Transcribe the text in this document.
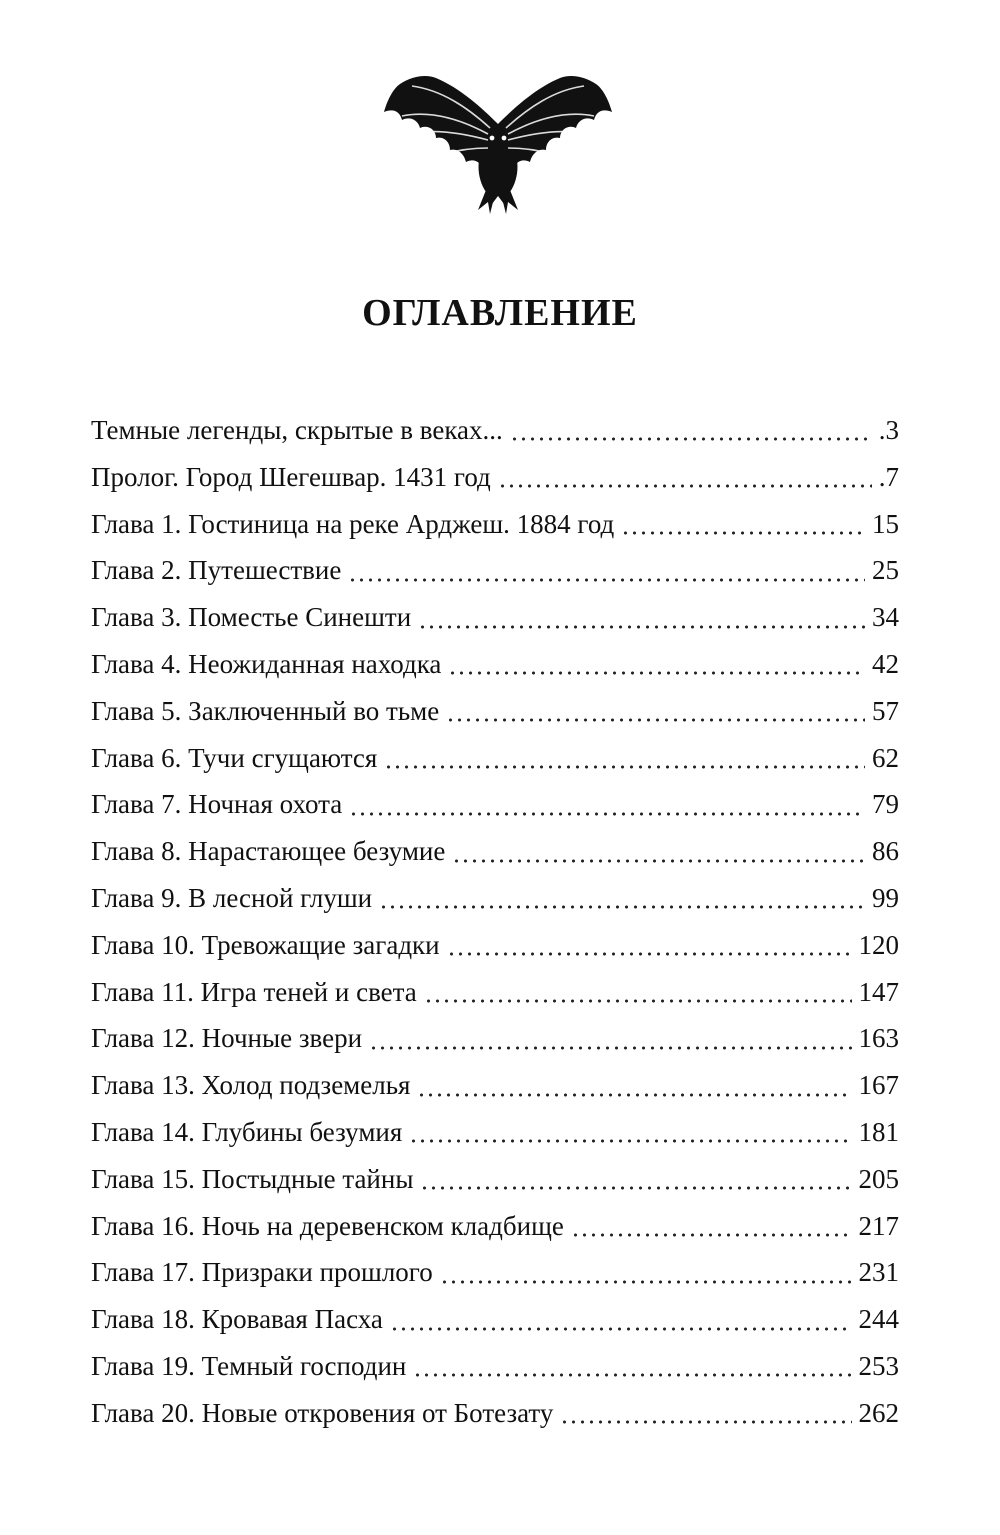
ОГЛАВЛЕНИЕ
Темные легенды, скрытые в веках...	.3
Пролог. Город Шегешвар. 1431 год	.7
Глава 1. Гостиница на реке Арджеш. 1884 год	15
Глава 2. Путешествие	25
Глава 3. Поместье Синешти	34
Глава 4. Неожиданная находка	42
Глава 5. Заключенный во тьме	57
Глава 6. Тучи сгущаются	62
Глава 7. Ночная охота	79
Глава 8. Нарастающее безумие	86
Глава 9. В лесной глуши	99
Глава 10. Тревожащие загадки	120
Глава 11. Игра теней и света	147
Глава 12. Ночные звери	163
Глава 13. Холод подземелья	167
Глава 14. Глубины безумия	181
Глава 15. Постыдные тайны	205
Глава 16. Ночь на деревенском кладбище	217
Глава 17. Призраки прошлого	231
Глава 18. Кровавая Пасха	244
Глава 19. Темный господин	253
Глава 20. Новые откровения от Ботезату	262
